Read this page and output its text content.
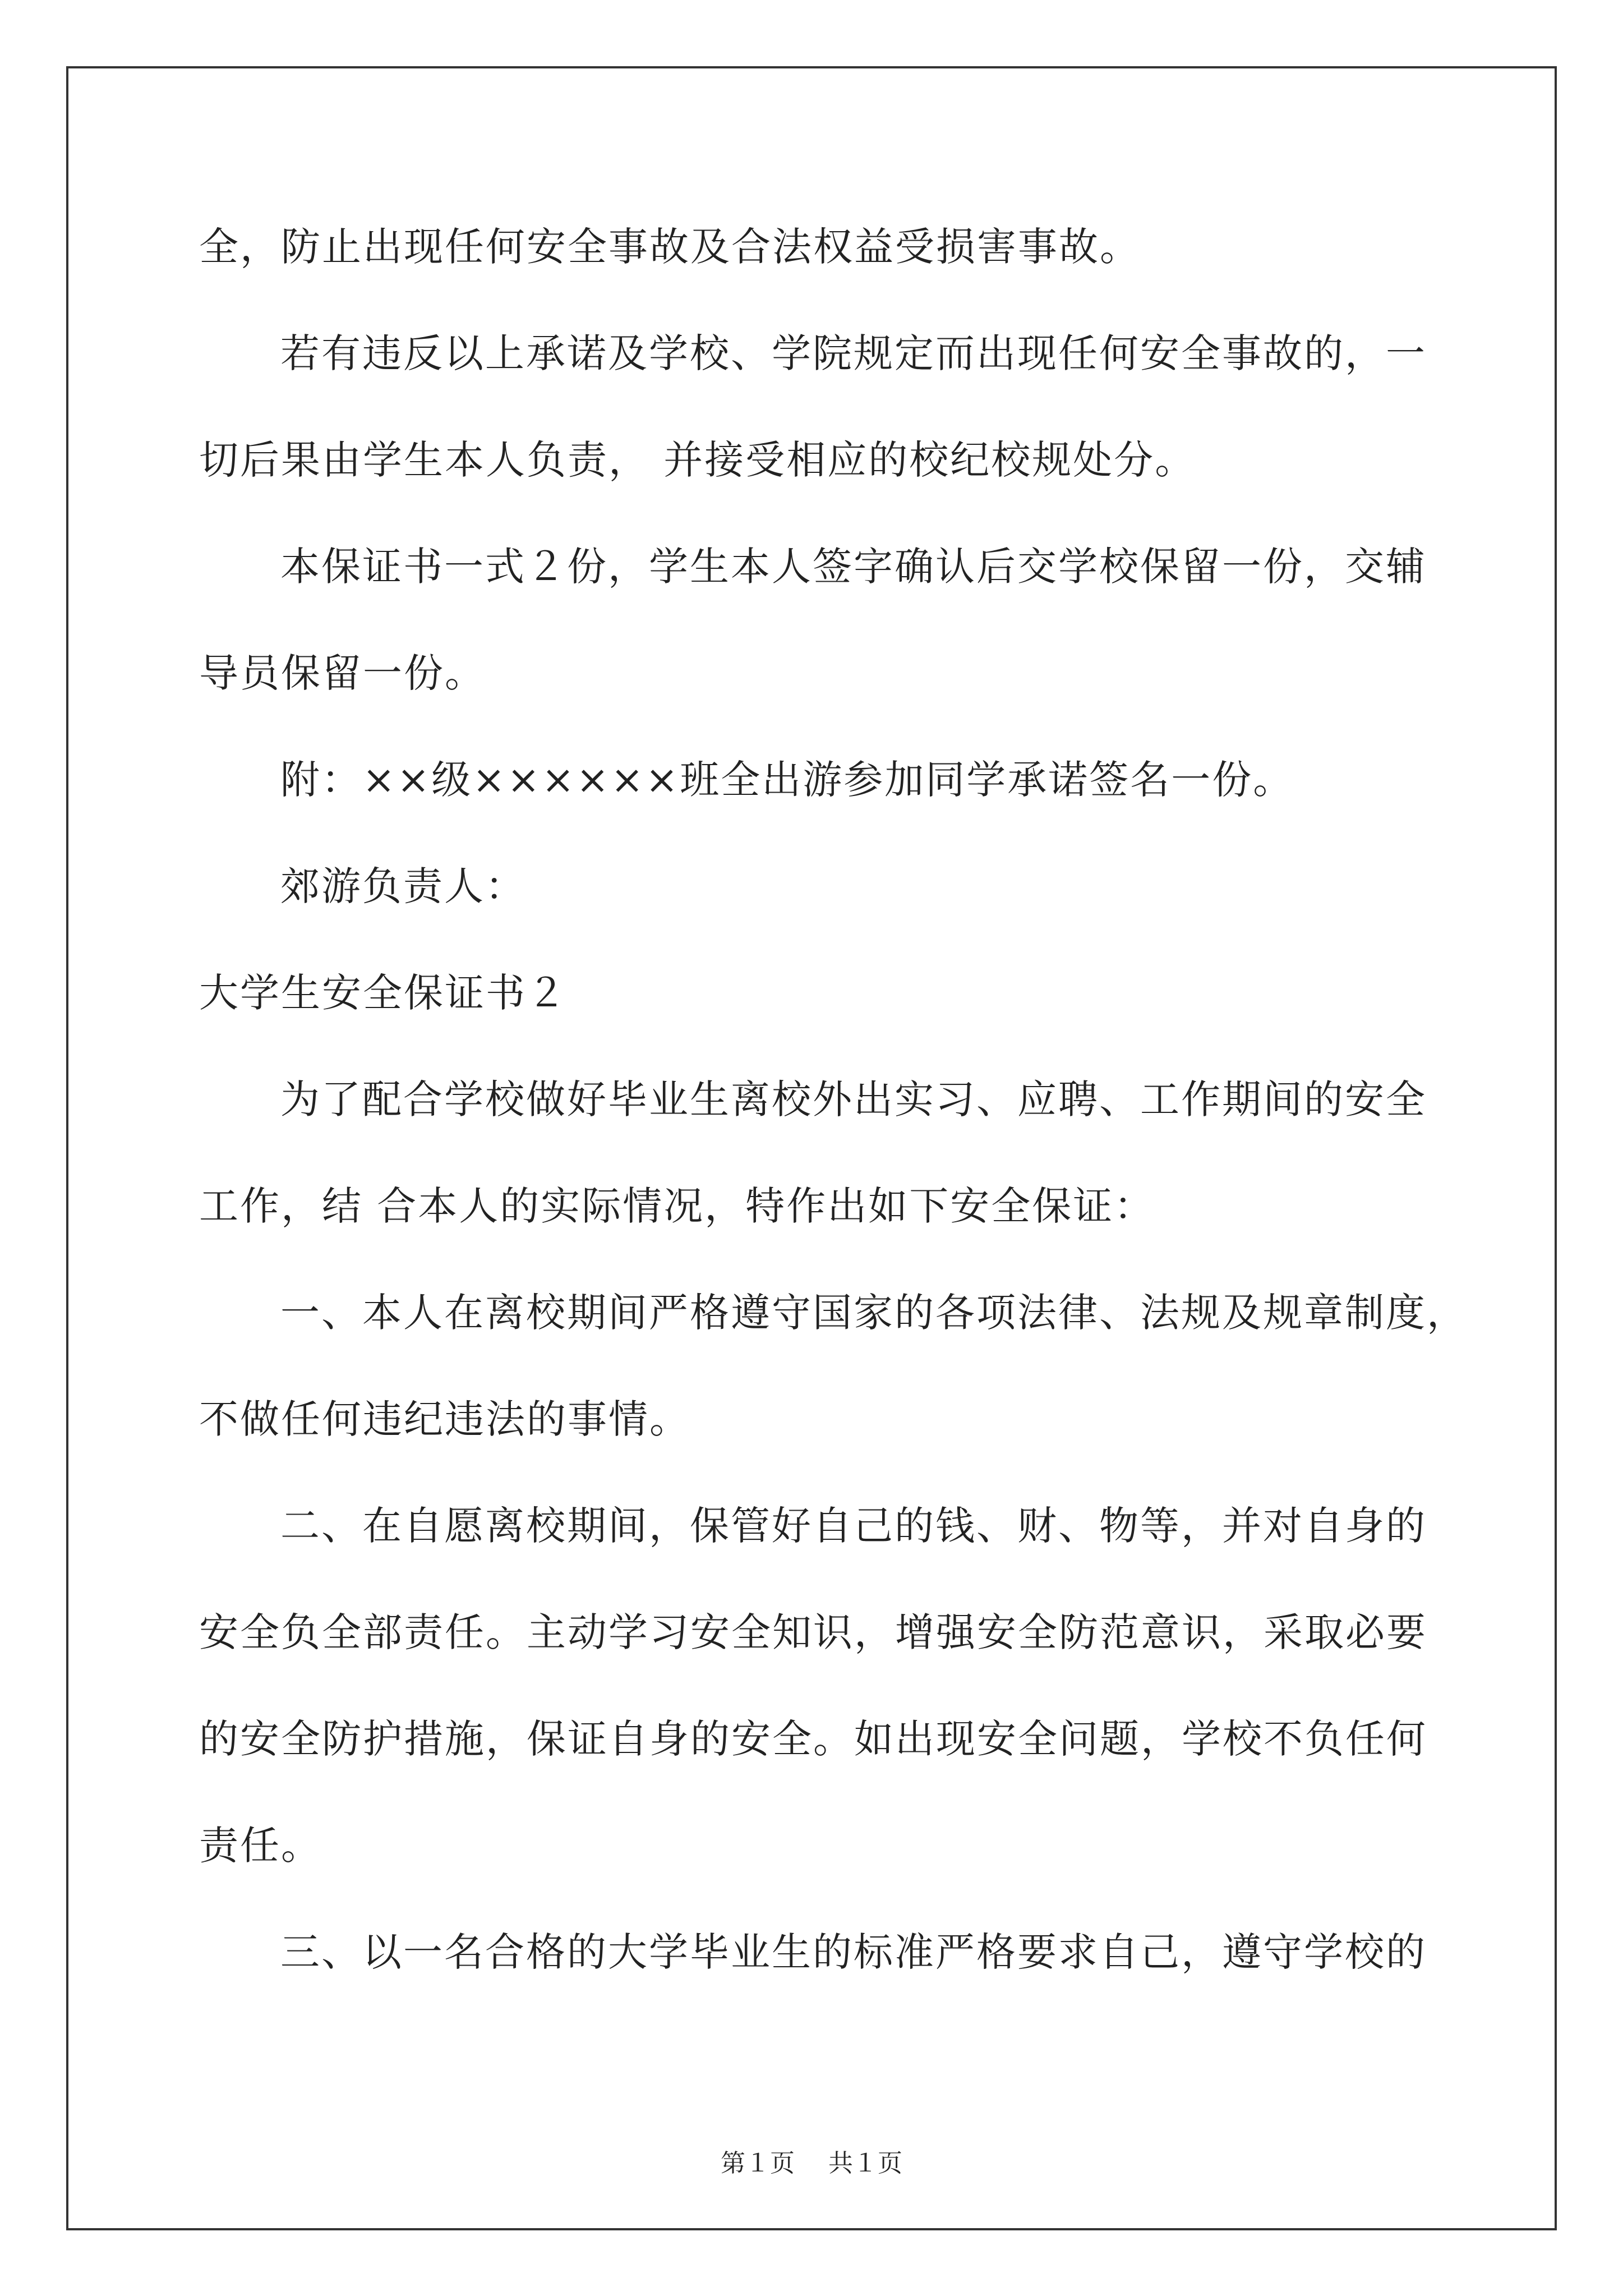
全，防止出现任何安全事故及合法权益受损害事故。

若有违反以上承诺及学校、学院规定而出现任何安全事故的，一

切后果由学生本人负责， 并接受相应的校纪校规处分。

本保证书一式２份，学生本人签字确认后交学校保留一份，交辅

导员保留一份。

附：××级××××××班全出游参加同学承诺签名一份。

郊游负责人：

大学生安全保证书２

为了配合学校做好毕业生离校外出实习、应聘、工作期间的安全

工作，结 合本人的实际情况，特作出如下安全保证：

一、本人在离校期间严格遵守国家的各项法律、法规及规章制度，

不做任何违纪违法的事情。

二、在自愿离校期间，保管好自己的钱、财、物等，并对自身的

安全负全部责任。主动学习安全知识，增强安全防范意识，采取必要

的安全防护措施，保证自身的安全。如出现安全问题，学校不负任何

责任。

三、以一名合格的大学毕业生的标准严格要求自己，遵守学校的

第１页 共１页
